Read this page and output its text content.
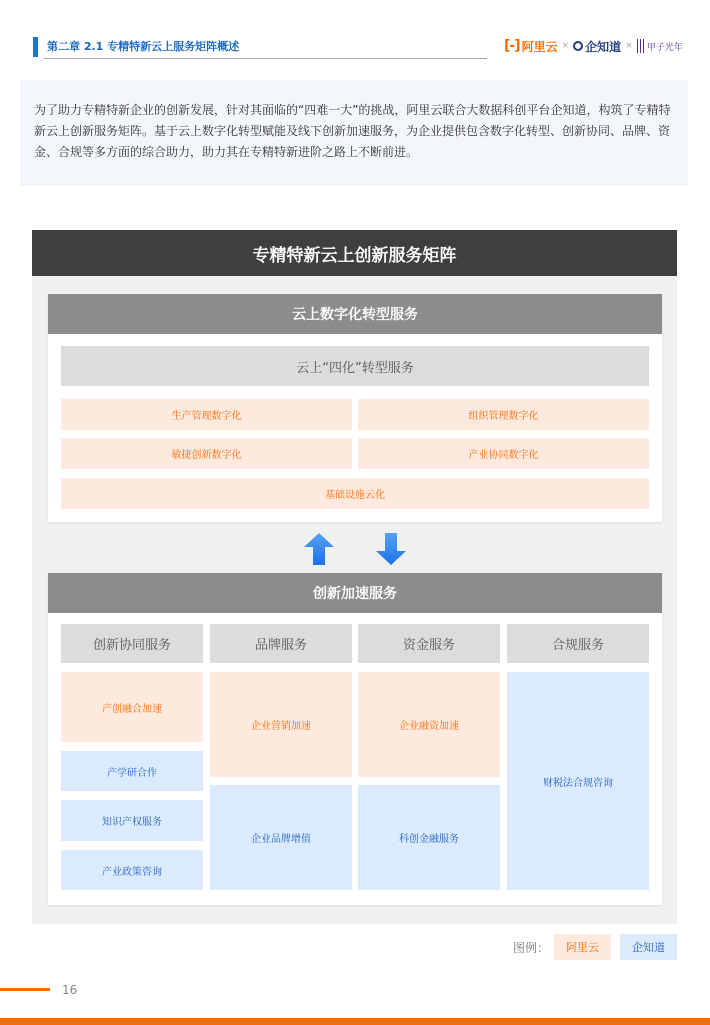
第二章 2.1 专精特新云上服务矩阵概述	[-] 阿里云 × 企知道 × 甲子光年

为了助力专精特新企业的创新发展，针对其面临的“四难一大”的挑战，阿里云联合大数据科创平台企知道，构筑了专精特新云上创新服务矩阵。基于云上数字化转型赋能及线下创新加速服务，为企业提供包含数字化转型、创新协同、品牌、资金、合规等多方面的综合助力，助力其在专精特新进阶之路上不断前进。

专精特新云上创新服务矩阵
云上数字化转型服务
云上“四化”转型服务
生产管理数字化	组织管理数字化
敏捷创新数字化	产业协同数字化
基础设施云化
创新加速服务
创新协同服务	品牌服务	资金服务	合规服务
产创融合加速
产学研合作
知识产权服务
产业政策咨询
企业营销加速
企业品牌增值
企业融资加速
科创金融服务
财税法合规咨询
图例：	阿里云	企知道
16
